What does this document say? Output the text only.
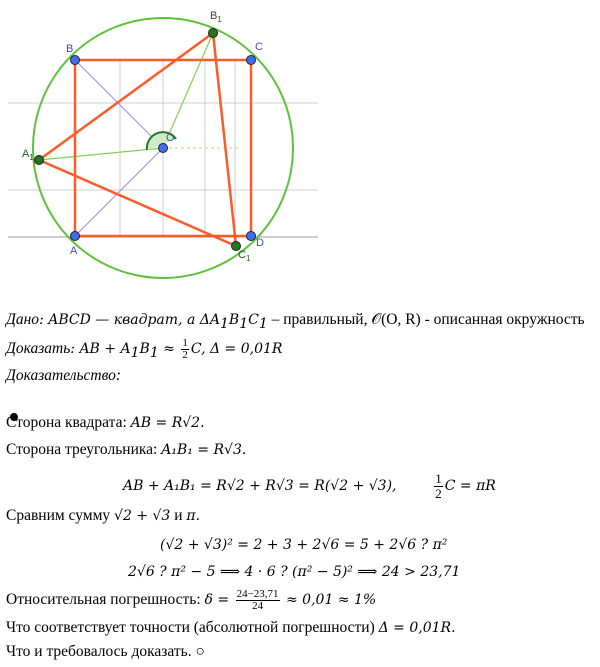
B	C
A
D
O
$B_1$
$A_1$
$C_1$
Дано: ABCD — квадрат, а $\Delta A_1B_1C_1$ – правильный, 𝒪(O, R) - описанная окружность
Доказать: AB + $A_1B_1 \approx \frac{1}{2} C$, Δ = 0,01R
Доказательство:
Сторона квадрата: AB = R√2.
Сторона треугольника: A₁B₁ = R√3.
AB + A₁B₁ = R√2 + R√3 = R(√2 + √3),	$\frac{1}{2}$ C = πR
Сравним сумму √2 + √3 и π.
(√2 + √3)² = 2 + 3 + 2√6 = 5 + 2√6 ? π²
2√6 ? π² − 5 ⟹ 4 · 6 ? (π² − 5)² ⟹ 24 > 23,71
Относительная погрешность: $\delta = \frac{24-23,71}{24} \approx 0,01 \approx 1\%$
Что соответствует точности (абсолютной погрешности) Δ = 0,01R.
Что и требовалось доказать. ○
